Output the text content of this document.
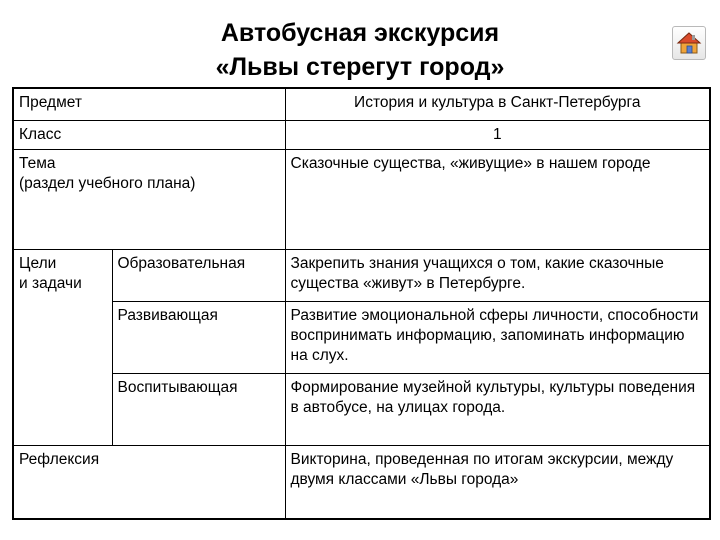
Автобусная экскурсия
«Львы стерегут город»
Предмет		История и культура в Санкт-Петербурга
Класс		1

Тема
(раздел учебного плана)		Сказочные существа, «живущие» в нашем городе

Цели
и задачи	Образовательная	Закрепить знания учащихся о том, какие сказочные существа «живут» в Петербурге.
	Развивающая	Развитие эмоциональной сферы личности, способности воспринимать информацию, запоминать информацию на слух.
	Воспитывающая	Формирование музейной культуры, культуры поведения в автобусе, на улицах города.
Рефлексия		Викторина, проведенная по итогам экскурсии, между двумя классами «Львы города»
